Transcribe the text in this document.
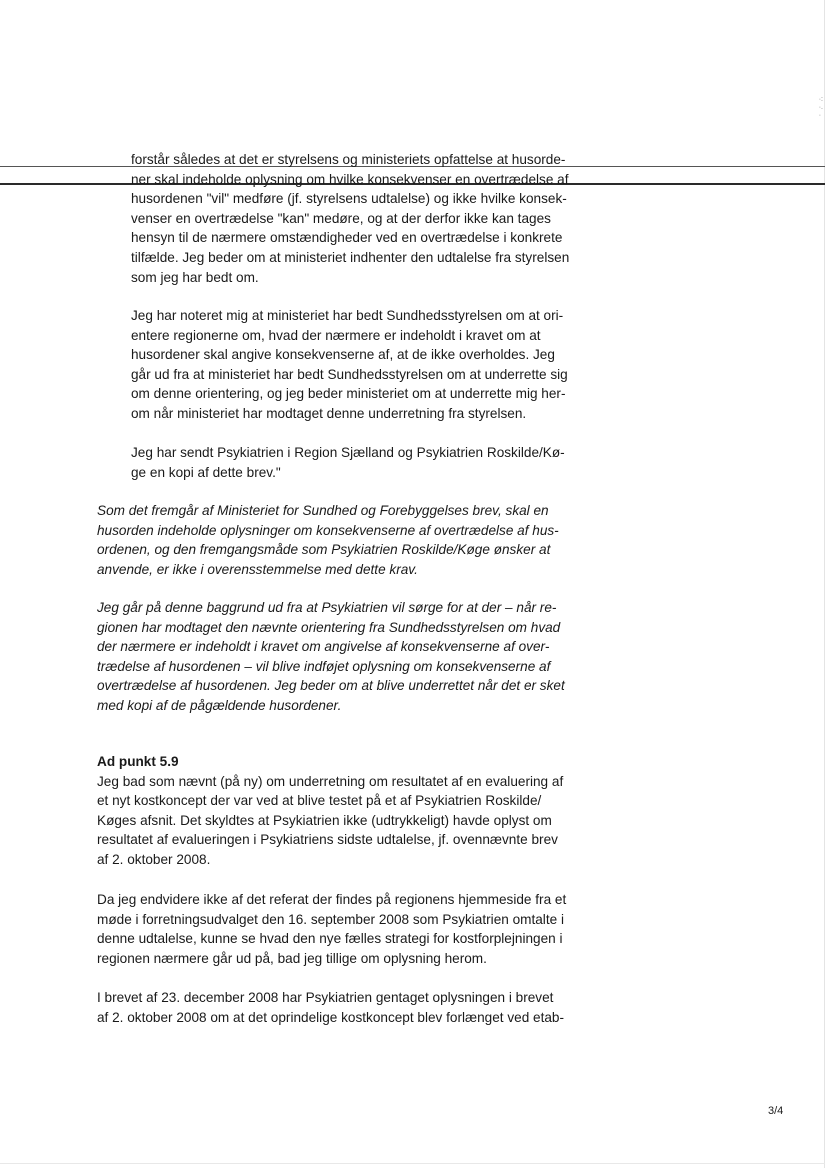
·:
·.
·
forstår således at det er styrelsens og ministeriets opfattelse at husorde-
ner skal indeholde oplysning om hvilke konsekvenser en overtrædelse af
husordenen "vil" medføre (jf. styrelsens udtalelse) og ikke hvilke konsek-
venser en overtrædelse "kan" medøre, og at der derfor ikke kan tages
hensyn til de nærmere omstændigheder ved en overtrædelse i konkrete
tilfælde. Jeg beder om at ministeriet indhenter den udtalelse fra styrelsen
som jeg har bedt om.
Jeg har noteret mig at ministeriet har bedt Sundhedsstyrelsen om at ori-
entere regionerne om, hvad der nærmere er indeholdt i kravet om at
husordener skal angive konsekvenserne af, at de ikke overholdes. Jeg
går ud fra at ministeriet har bedt Sundhedsstyrelsen om at underrette sig
om denne orientering, og jeg beder ministeriet om at underrette mig her-
om når ministeriet har modtaget denne underretning fra styrelsen.
Jeg har sendt Psykiatrien i Region Sjælland og Psykiatrien Roskilde/Kø-
ge en kopi af dette brev."
Som det fremgår af Ministeriet for Sundhed og Forebyggelses brev, skal en
husorden indeholde oplysninger om konsekvenserne af overtrædelse af hus-
ordenen, og den fremgangsmåde som Psykiatrien Roskilde/Køge ønsker at
anvende, er ikke i overensstemmelse med dette krav.
Jeg går på denne baggrund ud fra at Psykiatrien vil sørge for at der – når re-
gionen har modtaget den nævnte orientering fra Sundhedsstyrelsen om hvad
der nærmere er indeholdt i kravet om angivelse af konsekvenserne af over-
trædelse af husordenen – vil blive indføjet oplysning om konsekvenserne af
overtrædelse af husordenen. Jeg beder om at blive underrettet når det er sket
med kopi af de pågældende husordener.
Ad punkt 5.9
Jeg bad som nævnt (på ny) om underretning om resultatet af en evaluering af
et nyt kostkoncept der var ved at blive testet på et af Psykiatrien Roskilde/
Køges afsnit. Det skyldtes at Psykiatrien ikke (udtrykkeligt) havde oplyst om
resultatet af evalueringen i Psykiatriens sidste udtalelse, jf. ovennævnte brev
af 2. oktober 2008.
Da jeg endvidere ikke af det referat der findes på regionens hjemmeside fra et
møde i forretningsudvalget den 16. september 2008 som Psykiatrien omtalte i
denne udtalelse, kunne se hvad den nye fælles strategi for kostforplejningen i
regionen nærmere går ud på, bad jeg tillige om oplysning herom.
I brevet af 23. december 2008 har Psykiatrien gentaget oplysningen i brevet
af 2. oktober 2008 om at det oprindelige kostkoncept blev forlænget ved etab-
3/4
